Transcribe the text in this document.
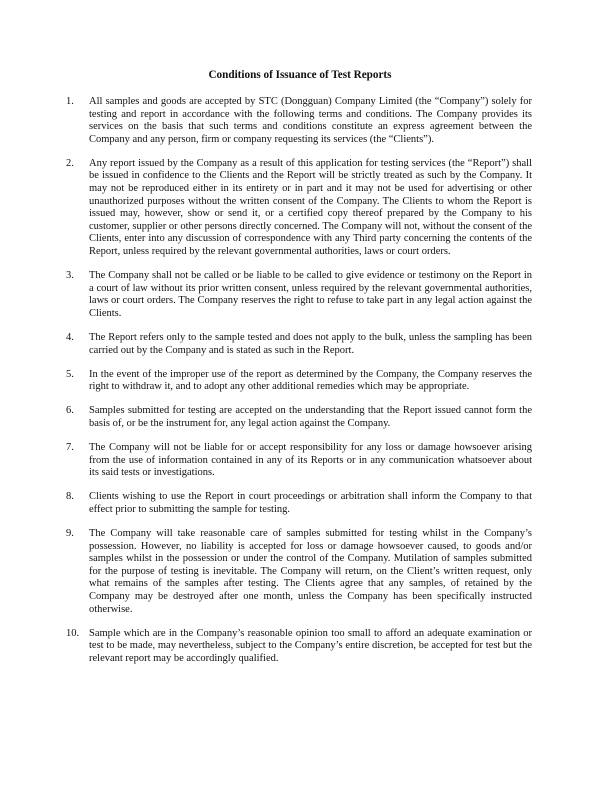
Conditions of Issuance of Test Reports
1.	All samples and goods are accepted by STC (Dongguan) Company Limited (the “Company”) solely for testing and report in accordance with the following terms and conditions. The Company provides its services on the basis that such terms and conditions constitute an express agreement between the Company and any person, firm or company requesting its services (the “Clients”).
2.	Any report issued by the Company as a result of this application for testing services (the “Report”) shall be issued in confidence to the Clients and the Report will be strictly treated as such by the Company. It may not be reproduced either in its entirety or in part and it may not be used for advertising or other unauthorized purposes without the written consent of the Company. The Clients to whom the Report is issued may, however, show or send it, or a certified copy thereof prepared by the Company to his customer, supplier or other persons directly concerned. The Company will not, without the consent of the Clients, enter into any discussion of correspondence with any Third party concerning the contents of the Report, unless required by the relevant governmental authorities, laws or court orders.
3.	The Company shall not be called or be liable to be called to give evidence or testimony on the Report in a court of law without its prior written consent, unless required by the relevant governmental authorities, laws or court orders. The Company reserves the right to refuse to take part in any legal action against the Clients.
4.	The Report refers only to the sample tested and does not apply to the bulk, unless the sampling has been carried out by the Company and is stated as such in the Report.
5.	In the event of the improper use of the report as determined by the Company, the Company reserves the right to withdraw it, and to adopt any other additional remedies which may be appropriate.
6.	Samples submitted for testing are accepted on the understanding that the Report issued cannot form the basis of, or be the instrument for, any legal action against the Company.
7.	The Company will not be liable for or accept responsibility for any loss or damage howsoever arising from the use of information contained in any of its Reports or in any communication whatsoever about its said tests or investigations.
8.	Clients wishing to use the Report in court proceedings or arbitration shall inform the Company to that effect prior to submitting the sample for testing.
9.	The Company will take reasonable care of samples submitted for testing whilst in the Company’s possession. However, no liability is accepted for loss or damage howsoever caused, to goods and/or samples whilst in the possession or under the control of the Company. Mutilation of samples submitted for the purpose of testing is inevitable. The Company will return, on the Client’s written request, only what remains of the samples after testing. The Clients agree that any samples, of retained by the Company may be destroyed after one month, unless the Company has been specifically instructed otherwise.
10. Sample which are in the Company’s reasonable opinion too small to afford an adequate examination or test to be made, may nevertheless, subject to the Company’s entire discretion, be accepted for test but the relevant report may be accordingly qualified.
